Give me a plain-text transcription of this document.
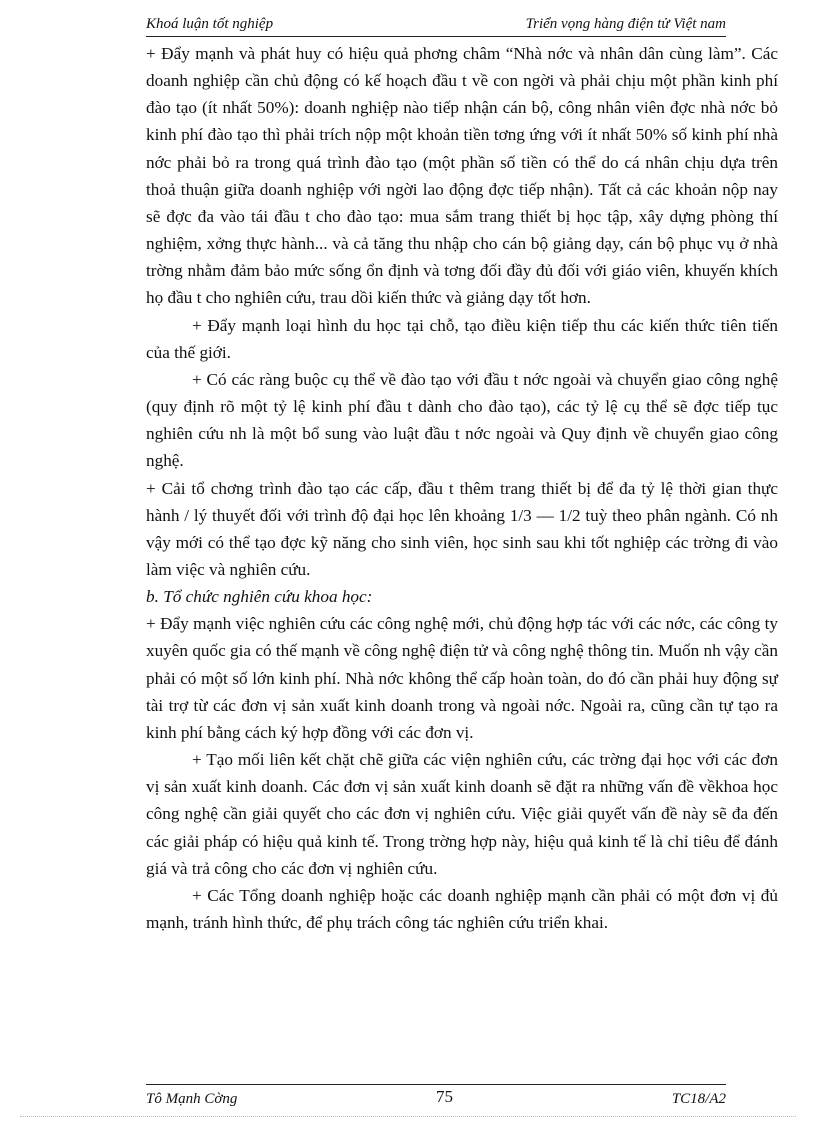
Khoá luận tốt nghiệp	Triển vọng hàng điện tử Việt nam

+ Đẩy mạnh và phát huy có hiệu quả phơng châm “Nhà nớc và nhân dân cùng làm”. Các doanh nghiệp cần chủ động có kế hoạch đầu t về con ngời và phải chịu một phần kinh phí đào tạo (ít nhất 50%): doanh nghiệp nào tiếp nhận cán bộ, công nhân viên đợc nhà nớc bỏ kinh phí đào tạo thì phải trích nộp một khoản tiền tơng ứng với ít nhất 50% số kinh phí nhà nớc phải bỏ ra trong quá trình đào tạo (một phần số tiền có thể do cá nhân chịu dựa trên thoả thuận giữa doanh nghiệp với ngời lao động đợc tiếp nhận). Tất cả các khoản nộp nay sẽ đợc đa vào tái đầu t cho đào tạo: mua sắm trang thiết bị học tập, xây dựng phòng thí nghiệm, xởng thực hành... và cả tăng thu nhập cho cán bộ giảng dạy, cán bộ phục vụ ở nhà trờng nhằm đảm bảo mức sống ổn định và tơng đối đầy đủ đối với giáo viên, khuyến khích họ đầu t cho nghiên cứu, trau dồi kiến thức và giảng dạy tốt hơn.

+ Đẩy mạnh loại hình du học tại chỗ, tạo điều kiện tiếp thu các kiến thức tiên tiến của thế giới.

+ Có các ràng buộc cụ thể về đào tạo với đầu t nớc ngoài và chuyển giao công nghệ (quy định rõ một tỷ lệ kinh phí đầu t dành cho đào tạo), các tỷ lệ cụ thể sẽ đợc tiếp tục nghiên cứu nh là một bổ sung vào luật đầu t nớc ngoài và Quy định về chuyển giao công nghệ.

+ Cải tổ chơng trình đào tạo các cấp, đầu t thêm trang thiết bị để đa tỷ lệ thời gian thực hành / lý thuyết đối với trình độ đại học lên khoảng 1/3 — 1/2 tuỳ theo phân ngành. Có nh vậy mới có thể tạo đợc kỹ năng cho sinh viên, học sinh sau khi tốt nghiệp các trờng đi vào làm việc và nghiên cứu.

b. Tổ chức nghiên cứu khoa học:

+ Đẩy mạnh việc nghiên cứu các công nghệ mới, chủ động hợp tác với các nớc, các công ty xuyên quốc gia có thế mạnh về công nghệ điện tử và công nghệ thông tin. Muốn nh vậy cần phải có một số lớn kinh phí. Nhà nớc không thể cấp hoàn toàn, do đó cần phải huy động sự tài trợ từ các đơn vị sản xuất kinh doanh trong và ngoài nớc. Ngoài ra, cũng cần tự tạo ra kinh phí bằng cách ký hợp đồng với các đơn vị.

+ Tạo mối liên kết chặt chẽ giữa các viện nghiên cứu, các trờng đại học với các đơn vị sản xuất kinh doanh. Các đơn vị sản xuất kinh doanh sẽ đặt ra những vấn đề vềkhoa học công nghệ cần giải quyết cho các đơn vị nghiên cứu. Việc giải quyết vấn đề này sẽ đa đến các giải pháp có hiệu quả kinh tế. Trong trờng hợp này, hiệu quả kinh tế là chỉ tiêu để đánh giá và trả công cho các đơn vị nghiên cứu.

+ Các Tổng doanh nghiệp hoặc các doanh nghiệp mạnh cần phải có một đơn vị đủ mạnh, tránh hình thức, để phụ trách công tác nghiên cứu triển khai.

Tô Mạnh Cờng	75	TC18/A2
